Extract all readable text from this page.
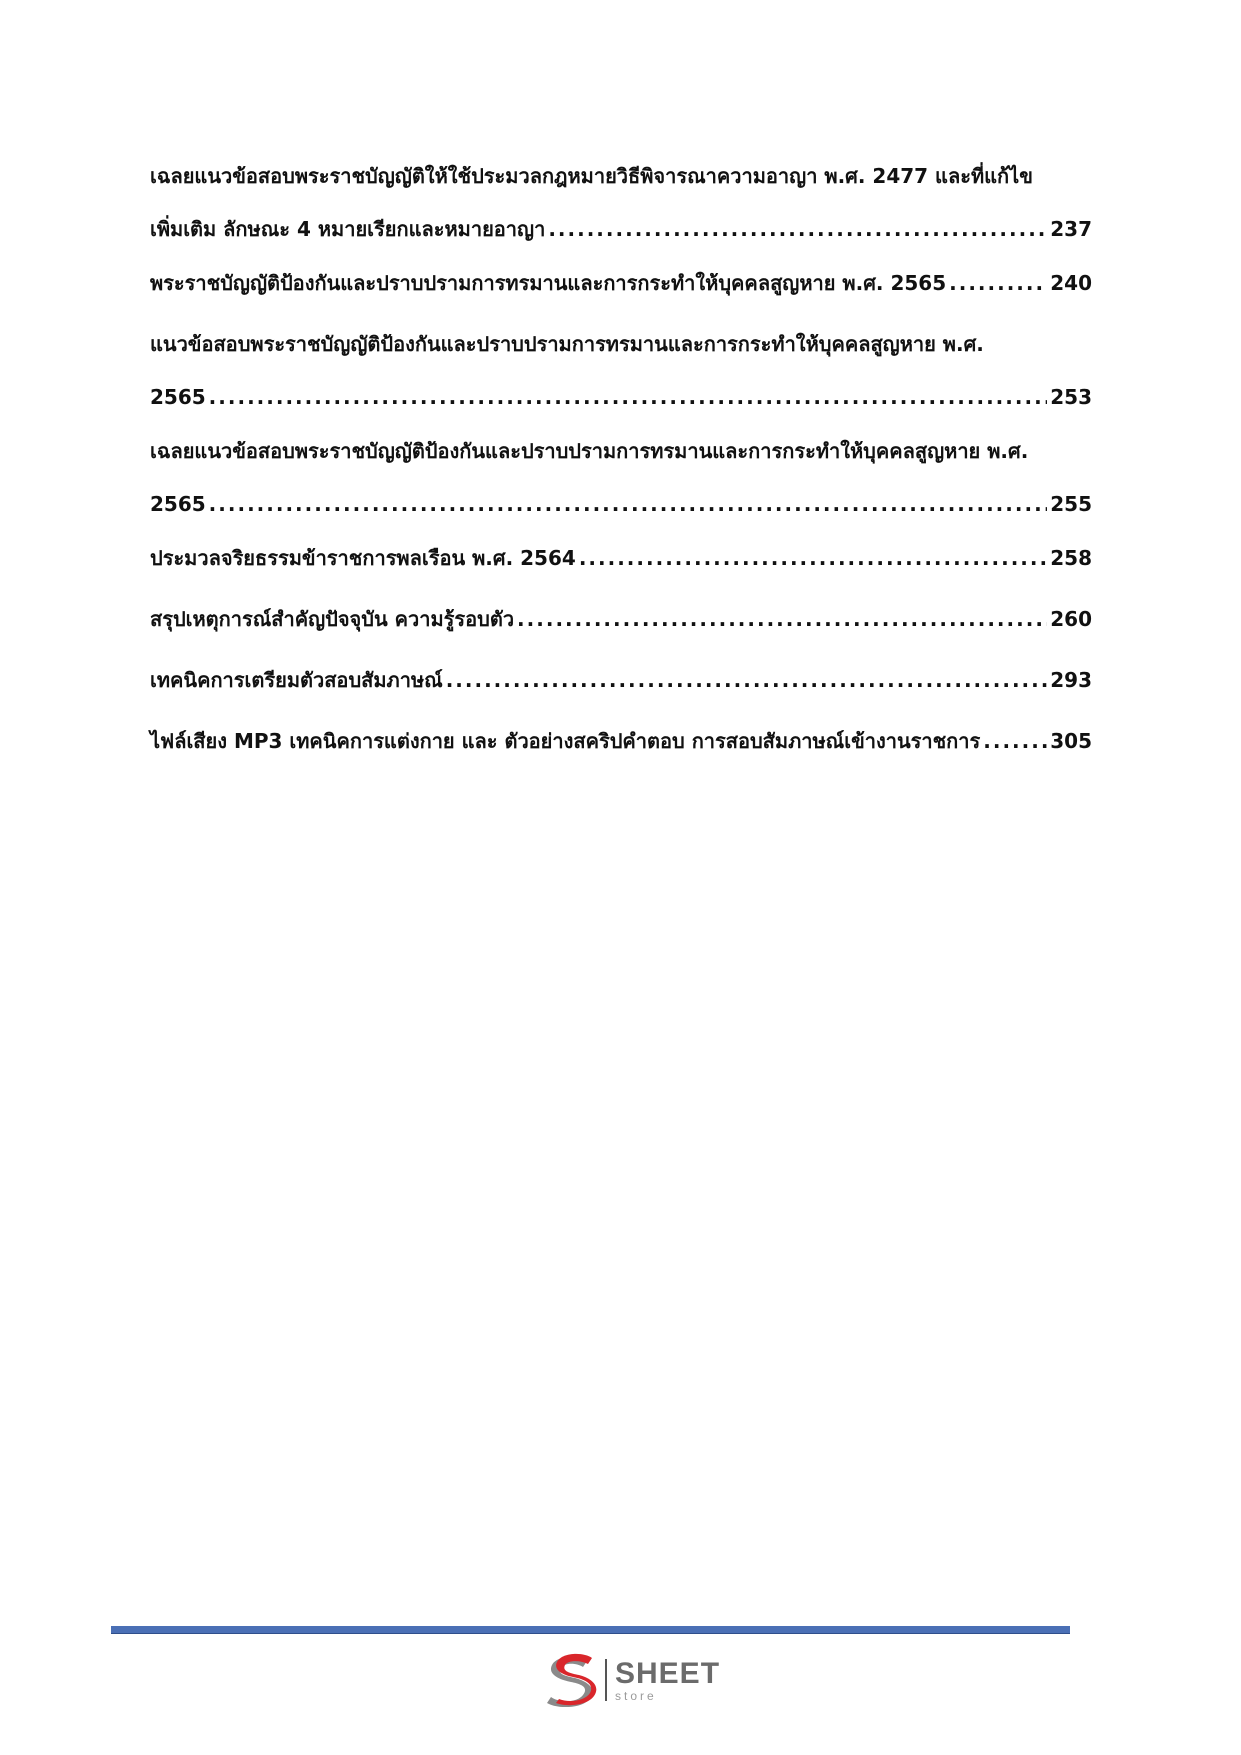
เฉลยแนวข้อสอบพระราชบัญญัติให้ใช้ประมวลกฎหมายวิธีพิจารณาความอาญา พ.ศ. 2477 และที่แก้ไข
เพิ่มเติม ลักษณะ 4 หมายเรียกและหมายอาญา .....	237
พระราชบัญญัติป้องกันและปราบปรามการทรมานและการกระทำให้บุคคลสูญหาย พ.ศ. 2565 .....	240
แนวข้อสอบพระราชบัญญัติป้องกันและปราบปรามการทรมานและการกระทำให้บุคคลสูญหาย พ.ศ.
2565 .....	253
เฉลยแนวข้อสอบพระราชบัญญัติป้องกันและปราบปรามการทรมานและการกระทำให้บุคคลสูญหาย พ.ศ.
2565 .....	255
ประมวลจริยธรรมข้าราชการพลเรือน พ.ศ. 2564 .....	258
สรุปเหตุการณ์สำคัญปัจจุบัน ความรู้รอบตัว .....	260
เทคนิคการเตรียมตัวสอบสัมภาษณ์ .....	293
ไฟล์เสียง MP3 เทคนิคการแต่งกาย และ ตัวอย่างสคริปคำตอบ การสอบสัมภาษณ์เข้างานราชการ .....	305
SHEET
store
